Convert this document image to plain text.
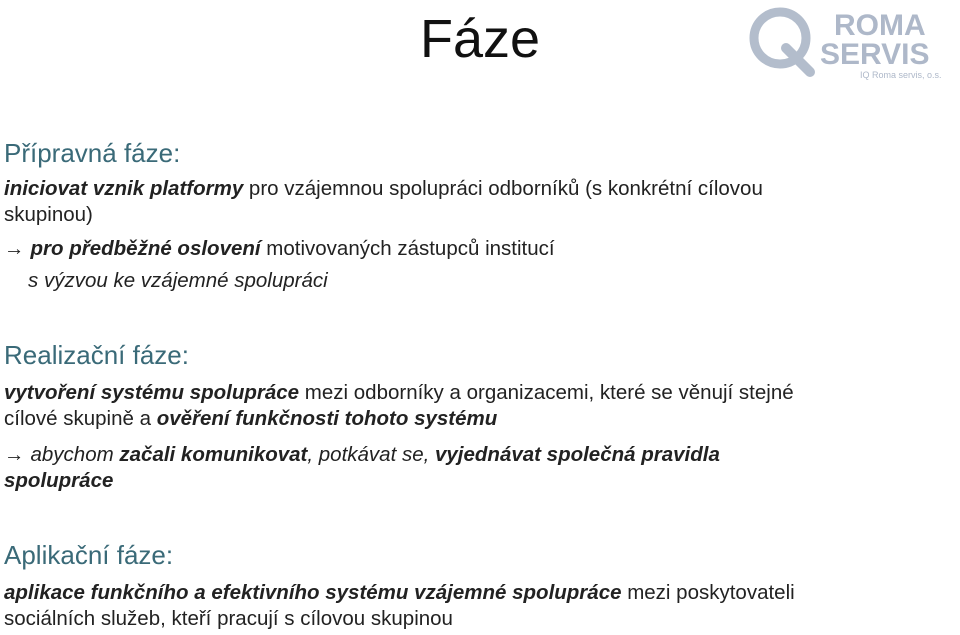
Fáze	ROMA
SERVIS
IQ Roma servis, o.s.
Přípravná fáze:
iniciovat vznik platformy pro vzájemnou spolupráci odborníků (s konkrétní cílovou
skupinou)
→ pro předběžné oslovení motivovaných zástupců institucí
s výzvou ke vzájemné spolupráci
Realizační fáze:
vytvoření systému spolupráce mezi odborníky a organizacemi, které se věnují stejné
cílové skupině a ověření funkčnosti tohoto systému
→ abychom začali komunikovat, potkávat se, vyjednávat společná pravidla
spolupráce
Aplikační fáze:
aplikace funkčního a efektivního systému vzájemné spolupráce mezi poskytovateli
sociálních služeb, kteří pracují s cílovou skupinou
